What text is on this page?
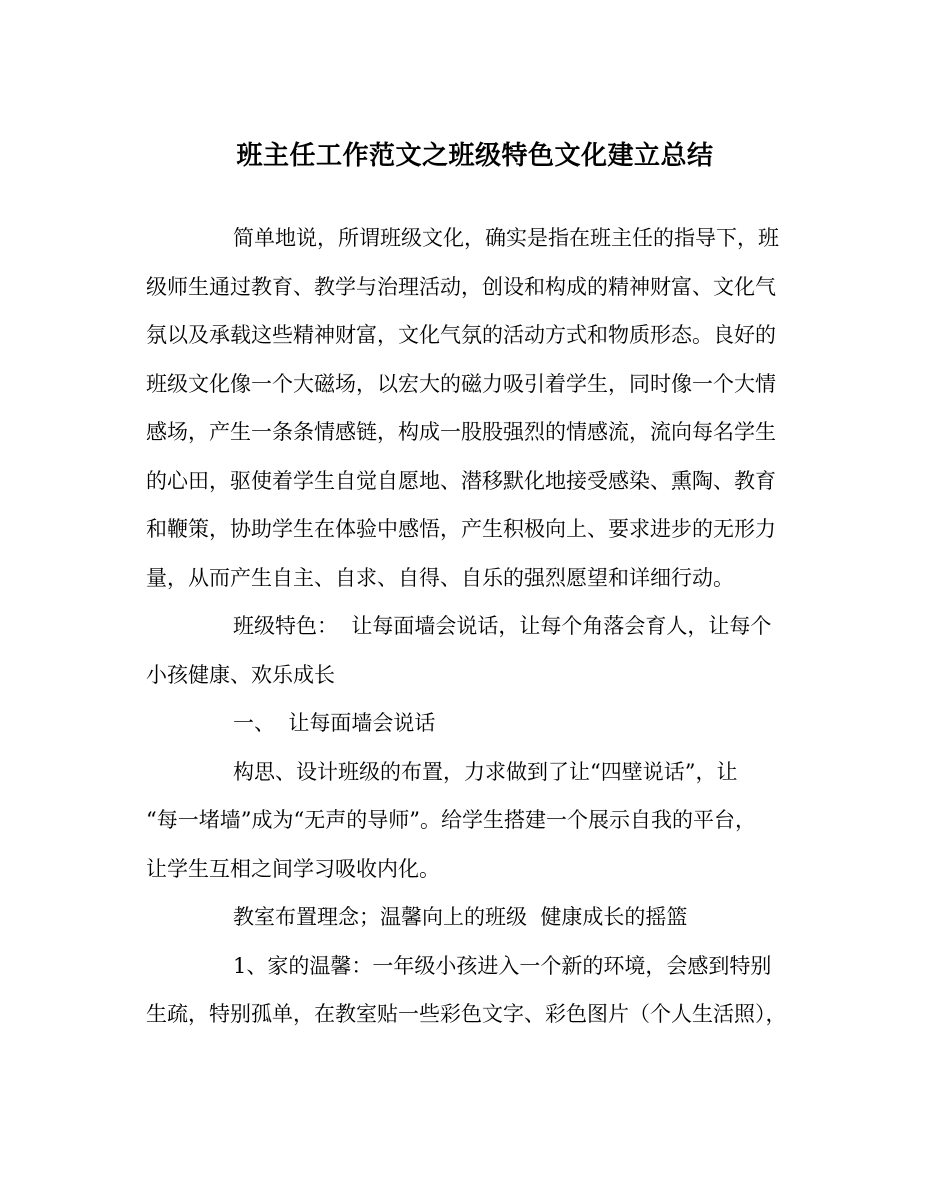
班主任工作范文之班级特色文化建立总结
简单地说，所谓班级文化，确实是指在班主任的指导下，班
级师生通过教育、教学与治理活动，创设和构成的精神财富、文化气
氛以及承载这些精神财富，文化气氛的活动方式和物质形态。良好的
班级文化像一个大磁场，以宏大的磁力吸引着学生，同时像一个大情
感场，产生一条条情感链，构成一股股强烈的情感流，流向每名学生
的心田，驱使着学生自觉自愿地、潜移默化地接受感染、熏陶、教育
和鞭策，协助学生在体验中感悟，产生积极向上、要求进步的无形力
量，从而产生自主、自求、自得、自乐的强烈愿望和详细行动。
班级特色：  让每面墙会说话，让每个角落会育人，让每个
小孩健康、欢乐成长
一、  让每面墙会说话
构思、设计班级的布置，力求做到了让“四壁说话”，让
“每一堵墙”成为“无声的导师”。给学生搭建一个展示自我的平台，
让学生互相之间学习吸收内化。
教室布置理念；温馨向上的班级  健康成长的摇篮
1、家的温馨：一年级小孩进入一个新的环境，会感到特别
生疏，特别孤单，在教室贴一些彩色文字、彩色图片（个人生活照），
